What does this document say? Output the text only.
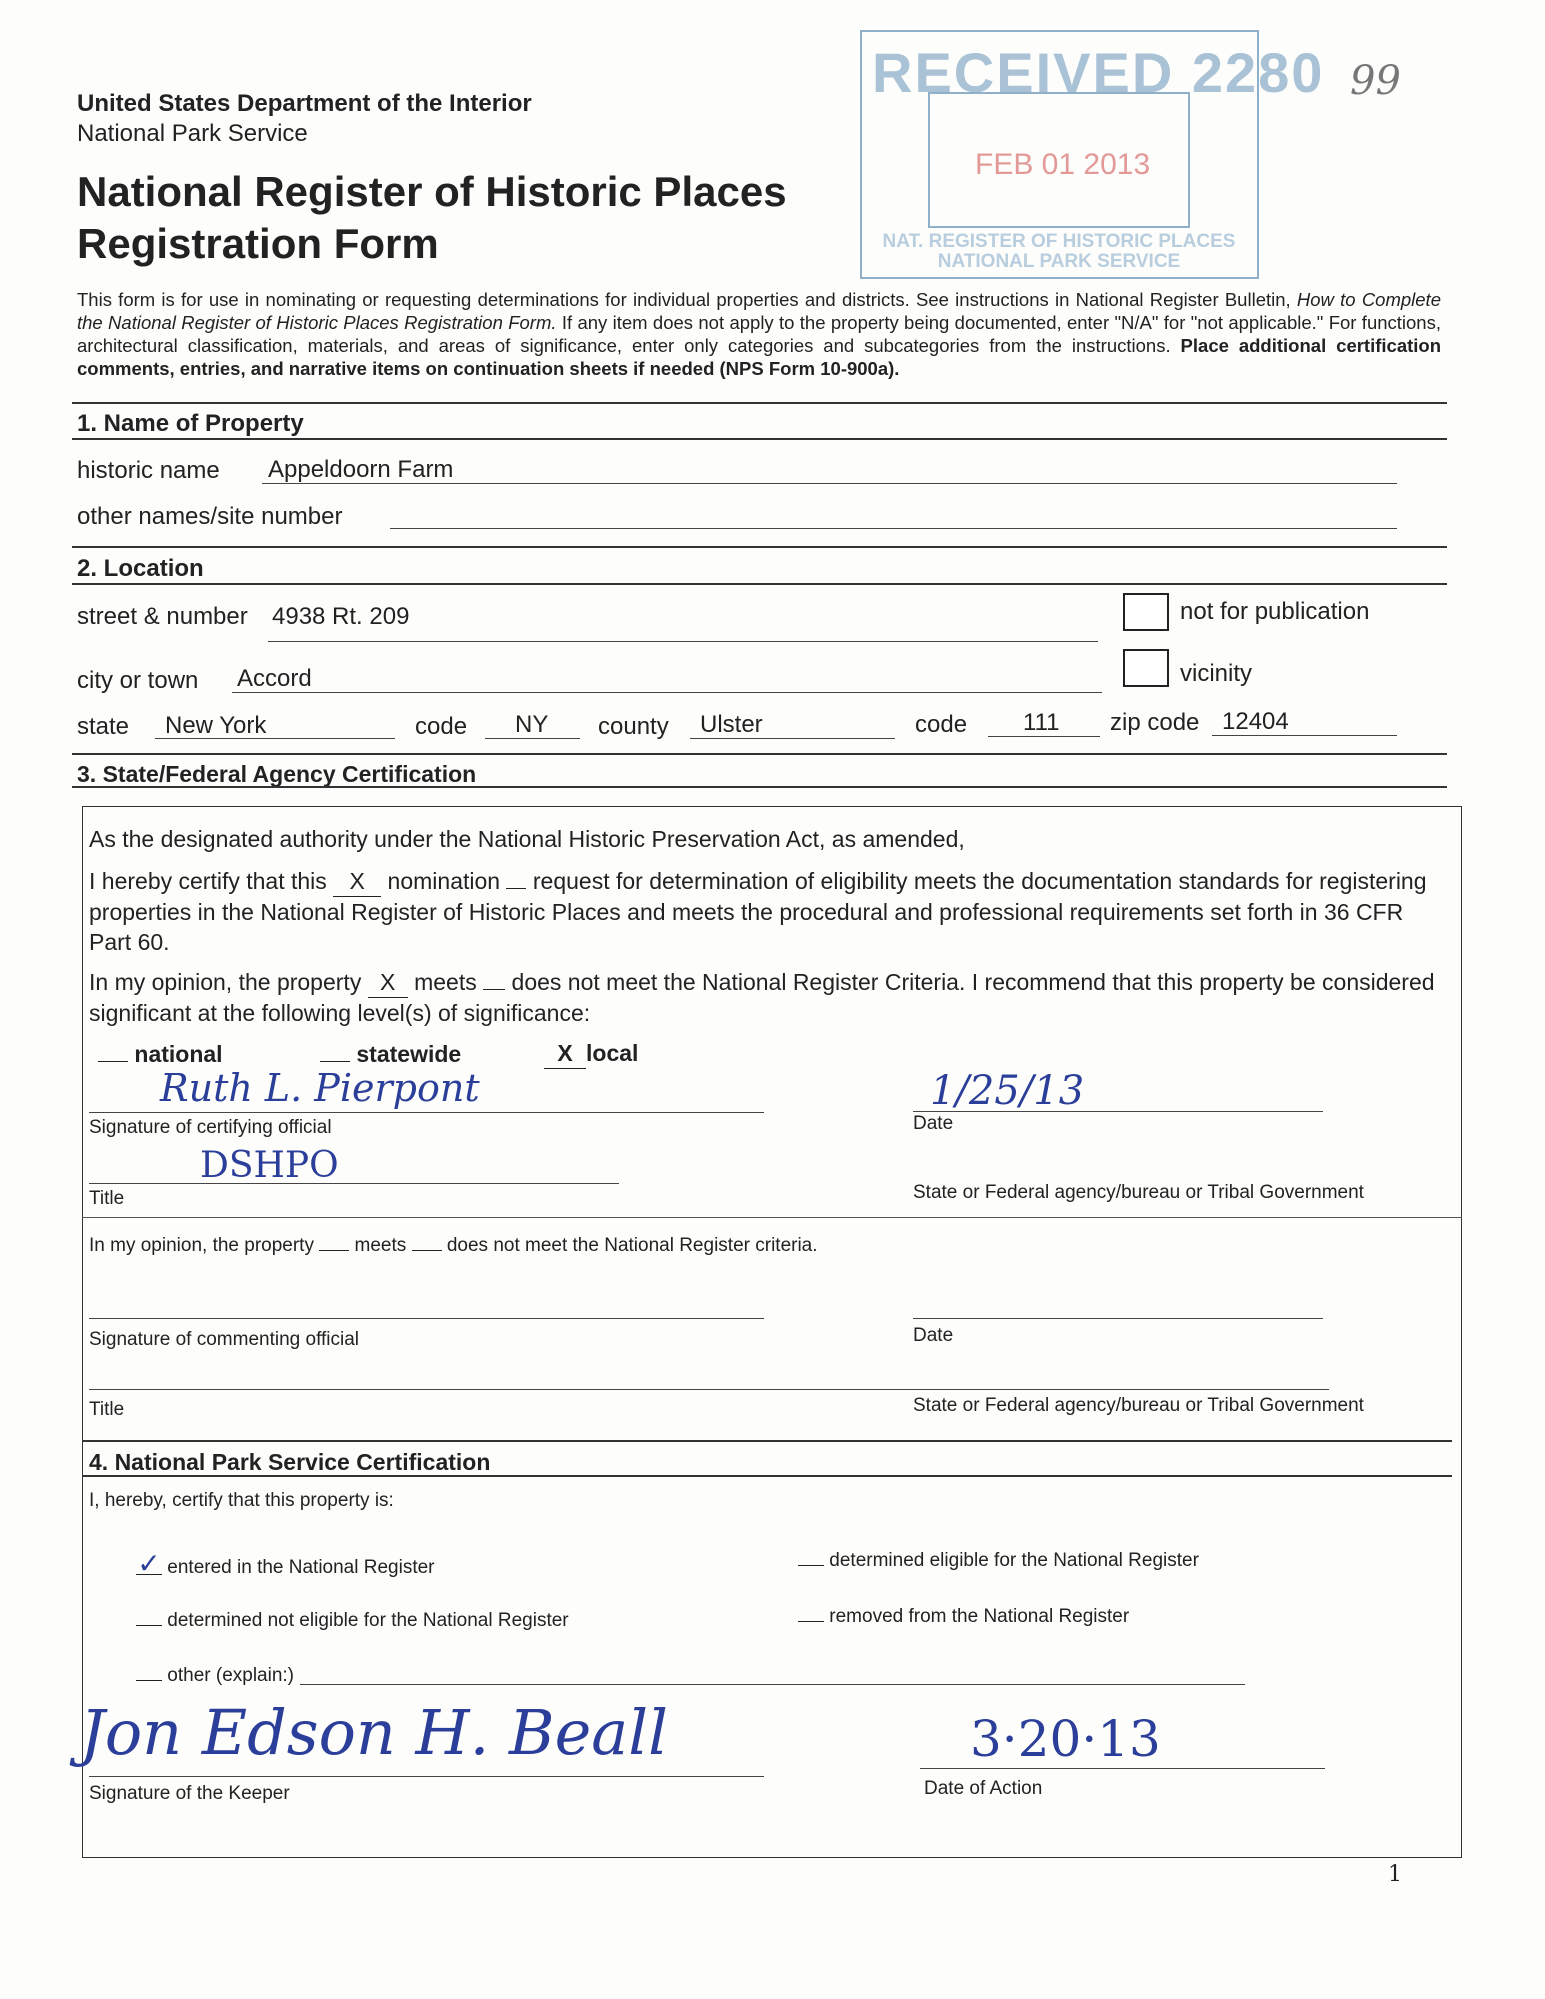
United States Department of the Interior
National Park Service
National Register of Historic Places
Registration Form
RECEIVED 2280
FEB 01 2013
NAT. REGISTER OF HISTORIC PLACES
NATIONAL PARK SERVICE
99
This form is for use in nominating or requesting determinations for individual properties and districts. See instructions in National Register Bulletin, How to Complete the National Register of Historic Places Registration Form. If any item does not apply to the property being documented, enter "N/A" for "not applicable." For functions, architectural classification, materials, and areas of significance, enter only categories and subcategories from the instructions. Place additional certification comments, entries, and narrative items on continuation sheets if needed (NPS Form 10-900a).
1. Name of Property
historic name Appeldoorn Farm
other names/site number
2. Location
street & number 4938 Rt. 209	not for publication
city or town Accord	vicinity
state New York	code NY county Ulster	code 111 zip code 12404
3. State/Federal Agency Certification
As the designated authority under the National Historic Preservation Act, as amended,
I hereby certify that this X nomination  request for determination of eligibility meets the documentation standards for registering properties in the National Register of Historic Places and meets the procedural and professional requirements set forth in 36 CFR Part 60.
In my opinion, the property X meets  does not meet the National Register Criteria. I recommend that this property be considered significant at the following level(s) of significance:
national	statewide	X local
Ruth L. Pierpont
Signature of certifying official
1/25/13
Date
DSHPO
Title	State or Federal agency/bureau or Tribal Government
In my opinion, the property  meets  does not meet the National Register criteria.
Signature of commenting official	Date
Title	State or Federal agency/bureau or Tribal Government
4. National Park Service Certification
I, hereby, certify that this property is:
✓ entered in the National Register	determined eligible for the National Register
determined not eligible for the National Register	removed from the National Register
other (explain:)
Jon Edson H. Beall
Signature of the Keeper
3·20·13
Date of Action
1
